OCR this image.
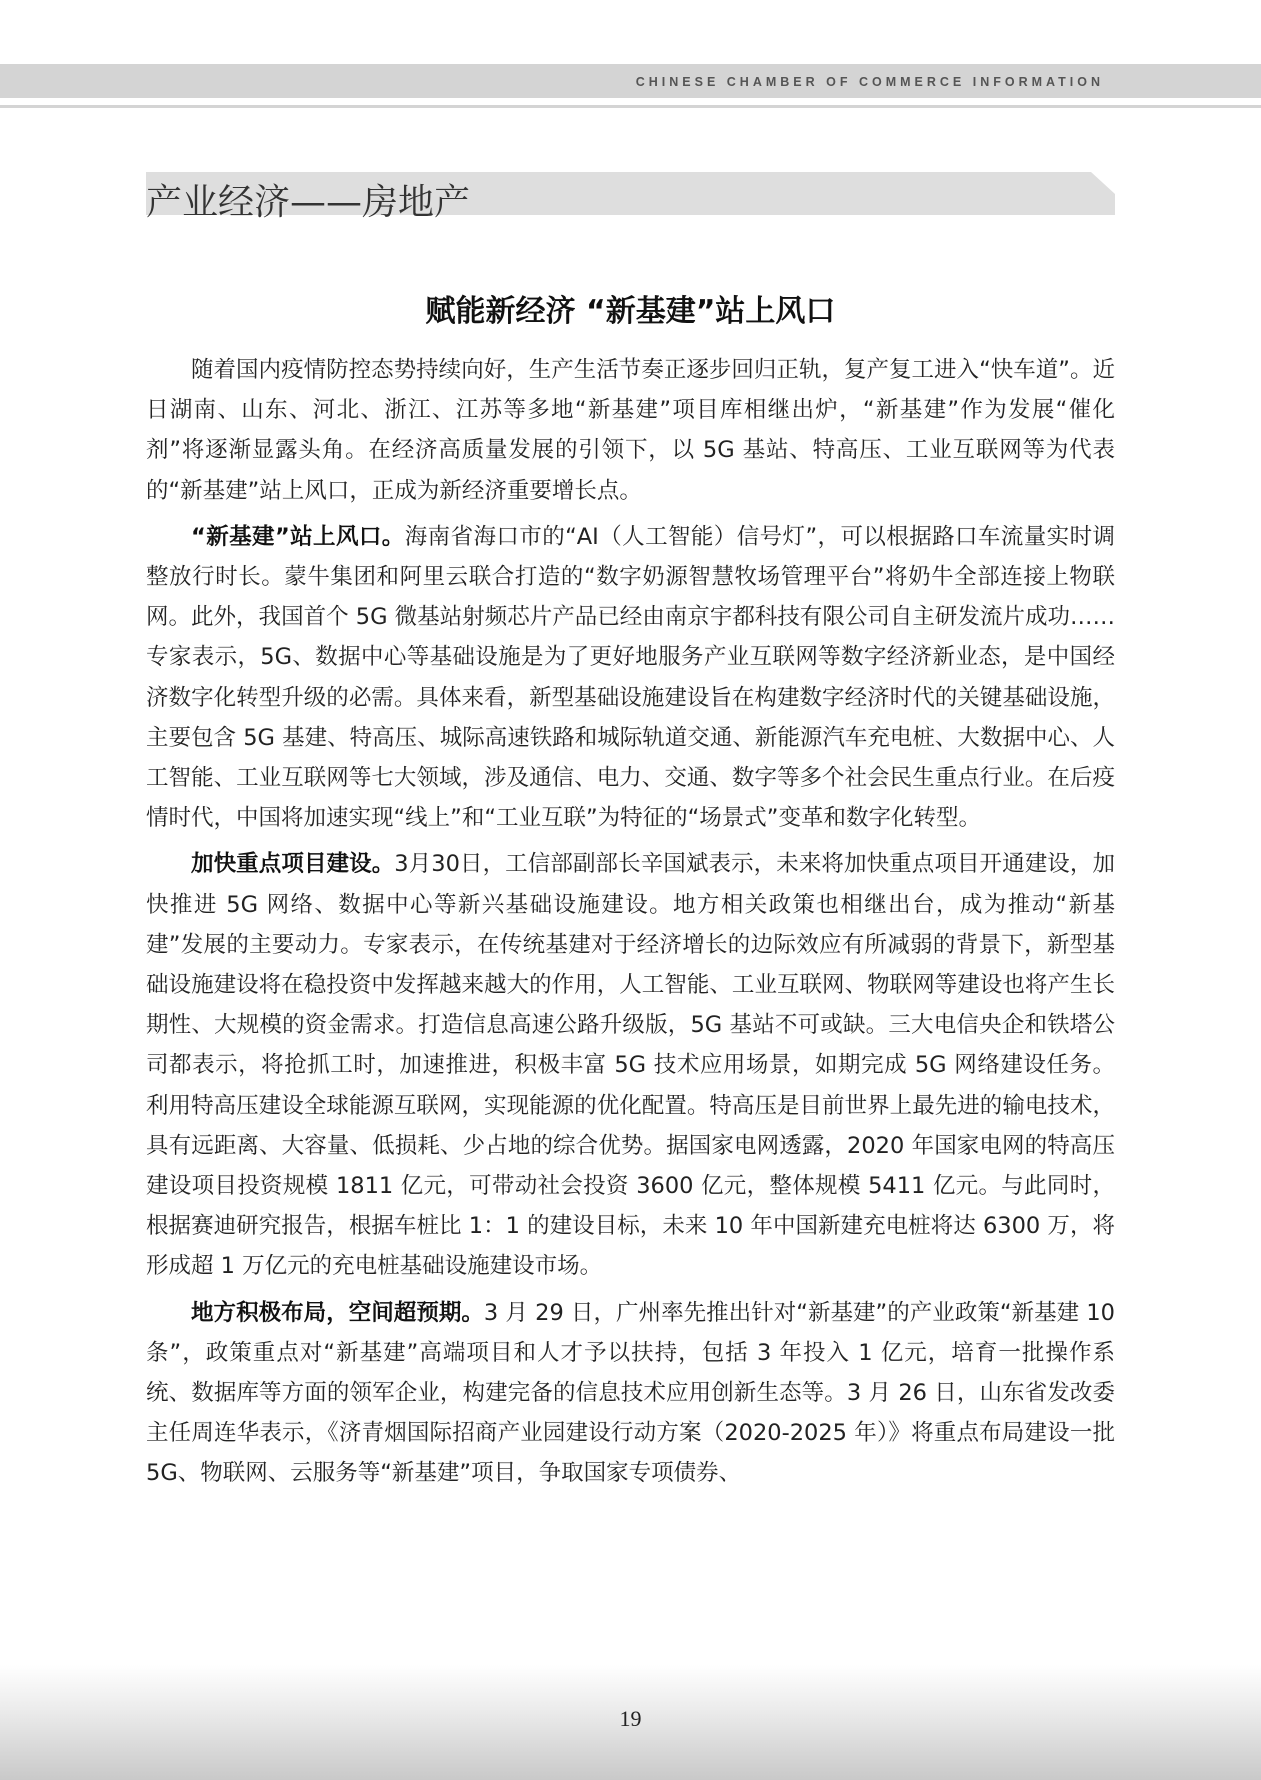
CHINESE CHAMBER OF COMMERCE INFORMATION
产业经济——房地产
赋能新经济 “新基建”站上风口

随着国内疫情防控态势持续向好，生产生活节奏正逐步回归正轨，复产复工进入“快车道”。近日湖南、山东、河北、浙江、江苏等多地“新基建”项目库相继出炉，“新基建”作为发展“催化剂”将逐渐显露头角。在经济高质量发展的引领下，以 5G 基站、特高压、工业互联网等为代表的“新基建”站上风口，正成为新经济重要增长点。

“新基建”站上风口。海南省海口市的“AI（人工智能）信号灯”，可以根据路口车流量实时调整放行时长。蒙牛集团和阿里云联合打造的“数字奶源智慧牧场管理平台”将奶牛全部连接上物联网。此外，我国首个 5G 微基站射频芯片产品已经由南京宇都科技有限公司自主研发流片成功……专家表示，5G、数据中心等基础设施是为了更好地服务产业互联网等数字经济新业态，是中国经济数字化转型升级的必需。具体来看，新型基础设施建设旨在构建数字经济时代的关键基础设施，主要包含 5G 基建、特高压、城际高速铁路和城际轨道交通、新能源汽车充电桩、大数据中心、人工智能、工业互联网等七大领域，涉及通信、电力、交通、数字等多个社会民生重点行业。在后疫情时代，中国将加速实现“线上”和“工业互联”为特征的“场景式”变革和数字化转型。

加快重点项目建设。3月30日，工信部副部长辛国斌表示，未来将加快重点项目开通建设，加快推进 5G 网络、数据中心等新兴基础设施建设。地方相关政策也相继出台，成为推动“新基建”发展的主要动力。专家表示，在传统基建对于经济增长的边际效应有所减弱的背景下，新型基础设施建设将在稳投资中发挥越来越大的作用，人工智能、工业互联网、物联网等建设也将产生长期性、大规模的资金需求。打造信息高速公路升级版，5G 基站不可或缺。三大电信央企和铁塔公司都表示，将抢抓工时，加速推进，积极丰富 5G 技术应用场景，如期完成 5G 网络建设任务。利用特高压建设全球能源互联网，实现能源的优化配置。特高压是目前世界上最先进的输电技术，具有远距离、大容量、低损耗、少占地的综合优势。据国家电网透露，2020 年国家电网的特高压建设项目投资规模 1811 亿元，可带动社会投资 3600 亿元，整体规模 5411 亿元。与此同时，根据赛迪研究报告，根据车桩比 1：1 的建设目标，未来 10 年中国新建充电桩将达 6300 万，将形成超 1 万亿元的充电桩基础设施建设市场。

地方积极布局，空间超预期。3 月 29 日，广州率先推出针对“新基建”的产业政策“新基建 10 条”，政策重点对“新基建”高端项目和人才予以扶持，包括 3 年投入 1 亿元，培育一批操作系统、数据库等方面的领军企业，构建完备的信息技术应用创新生态等。3 月 26 日，山东省发改委主任周连华表示，《济青烟国际招商产业园建设行动方案（2020-2025 年）》将重点布局建设一批 5G、物联网、云服务等“新基建”项目，争取国家专项债券、

19
